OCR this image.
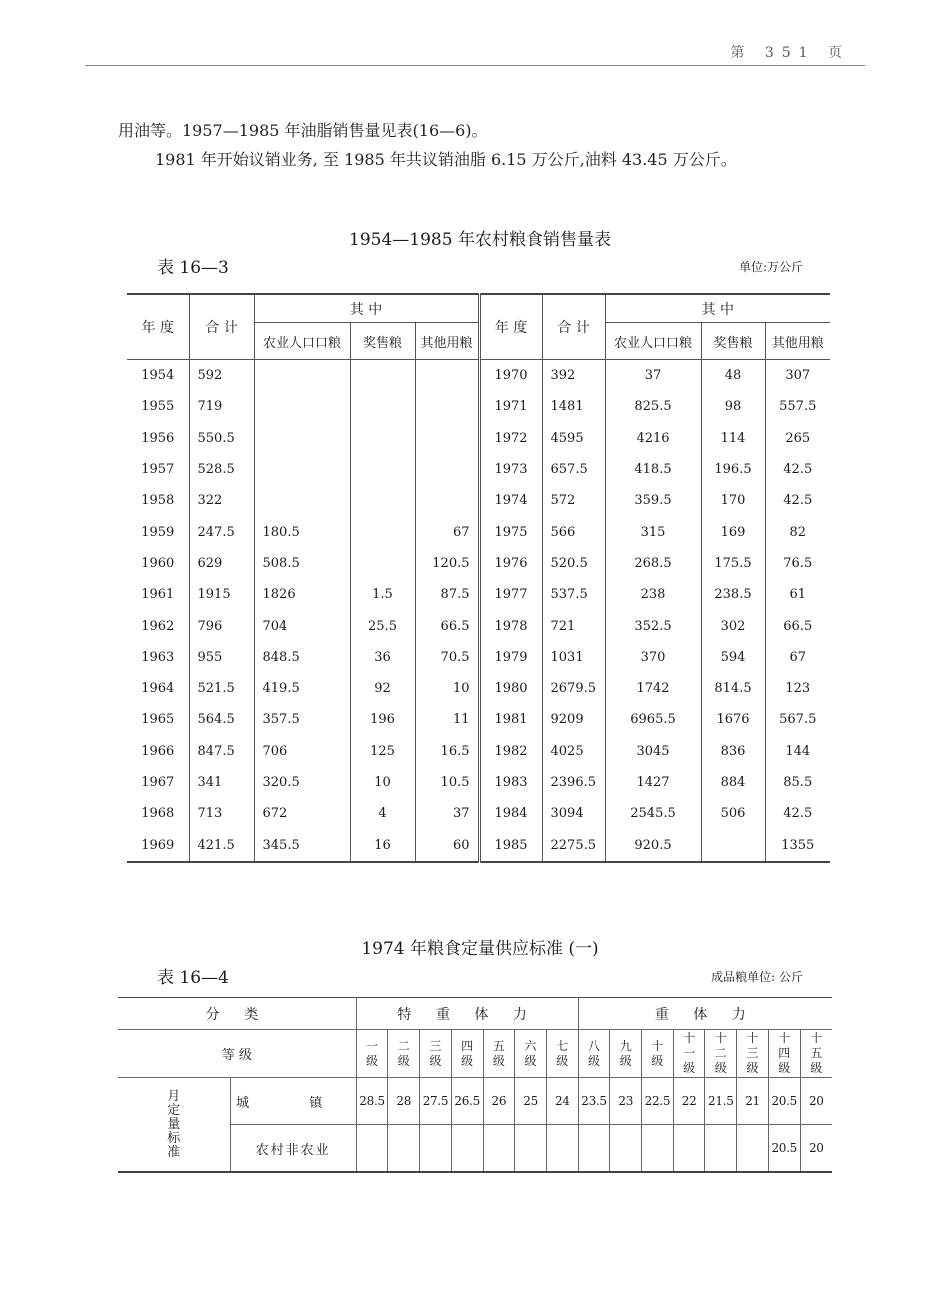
第 351 页
用油等。1957—1985 年油脂销售量见表(16—6)。
1981 年开始议销业务, 至 1985 年共议销油脂 6.15 万公斤,油料 43.45 万公斤。
1954—1985 年农村粮食销售量表
表 16—3	单位:万公斤
年 度	合 计	其 中			年 度	合 计	其 中		
		农业人口口粮	奖售粮	其他用粮			农业人口口粮	奖售粮	其他用粮
1954	592				1970	392	37	48	307
1955	719				1971	1481	825.5	98	557.5
1956	550.5				1972	4595	4216	114	265
1957	528.5				1973	657.5	418.5	196.5	42.5
1958	322				1974	572	359.5	170	42.5
1959	247.5	180.5		67	1975	566	315	169	82
1960	629	508.5		120.5	1976	520.5	268.5	175.5	76.5
1961	1915	1826	1.5	87.5	1977	537.5	238	238.5	61
1962	796	704	25.5	66.5	1978	721	352.5	302	66.5
1963	955	848.5	36	70.5	1979	1031	370	594	67
1964	521.5	419.5	92	10	1980	2679.5	1742	814.5	123
1965	564.5	357.5	196	11	1981	9209	6965.5	1676	567.5
1966	847.5	706	125	16.5	1982	4025	3045	836	144
1967	341	320.5	10	10.5	1983	2396.5	1427	884	85.5
1968	713	672	4	37	1984	3094	2545.5	506	42.5
1969	421.5	345.5	16	60	1985	2275.5	920.5		1355
1974 年粮食定量供应标准 (一)
表 16—4	成品粮单位: 公斤
分 类		特 重 体 力							重 体 力							
等 级		一级	二级	三级	四级	五级	六级	七级	八级	九级	十级	十一级	十二级	十三级	十四级	十五级

月定量标准	城 镇	28.5	28	27.5	26.5	26	25	24	23.5	23	22.5	22	21.5	21	20.5	20
	农村非农业														20.5	20
